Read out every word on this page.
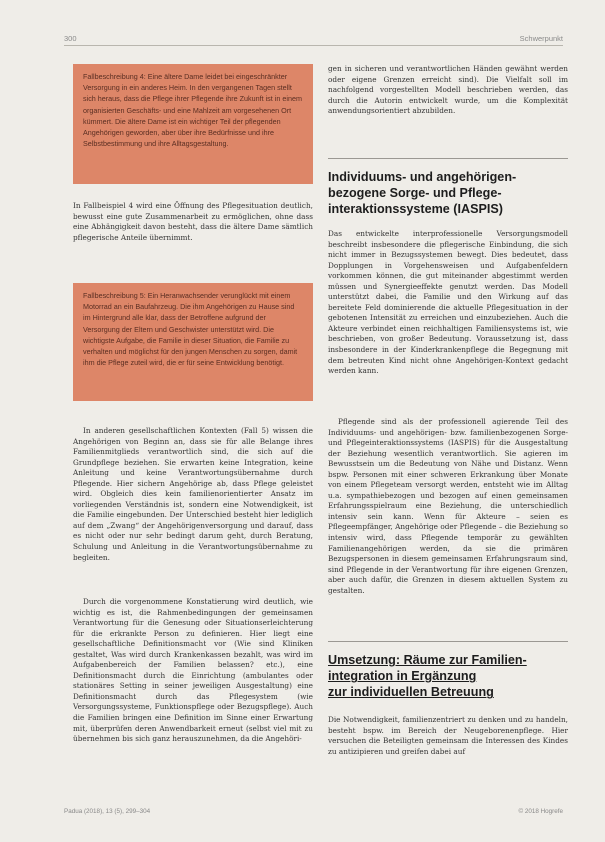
300	Schwerpunkt
Fallbeschreibung 4: Eine ältere Dame leidet bei eingeschränkter Versorgung in ein anderes Heim. In den vergangenen Tagen stellt sich heraus, dass die Pflege ihrer Pflegende ihre Zukunft ist in einem organisierten Geschäfts- und eine Mahlzeit am vorgesehenen Ort kümmert. Die ältere Dame ist ein wichtiger Teil der pflegenden Angehörigen geworden, aber über ihre Bedürfnisse und ihre Selbstbestimmung und ihre Alltagsgestaltung.
In Fallbeispiel 4 wird eine Öffnung des Pflegesituation deutlich, bewusst eine gute Zusammenarbeit zu ermöglichen, ohne dass eine Abhängigkeit davon besteht, dass die ältere Dame sämtlich pflegerische Anteile übernimmt.
Fallbeschreibung 5: Ein Heranwachsender verunglückt mit einem Motorrad an ein Baufahrzeug. Die ihm Angehörigen zu Hause sind im Hintergrund alle klar, dass der Betroffene aufgrund der Versorgung der Eltern und Geschwister unterstützt wird. Die wichtigste Aufgabe, die Familie in dieser Situation, die Familie zu verhalten und möglichst für den jungen Menschen zu sorgen, damit ihm die Pflege zuteil wird, die er für seine Entwicklung benötigt.
In anderen gesellschaftlichen Kontexten (Fall 5) wissen die Angehörigen von Beginn an, dass sie für alle Belange ihres Familienmitglieds verantwortlich sind, die sich auf die Grundpflege beziehen. Sie erwarten keine Integration, keine Anleitung und keine Verantwortungsübernahme durch Pflegende. Hier sichern Angehörige ab, dass Pflege geleistet wird. Obgleich dies kein familienorientierter Ansatz im vorliegenden Verständnis ist, sondern eine Notwendigkeit, ist die Familie eingebunden. Der Unterschied besteht hier lediglich auf dem „Zwang“ der Angehörigenversorgung und darauf, dass es nicht oder nur sehr bedingt darum geht, durch Beratung, Schulung und Anleitung in die Verantwortungsübernahme zu begleiten.
Durch die vorgenommene Konstatierung wird deutlich, wie wichtig es ist, die Rahmenbedingungen der gemeinsamen Verantwortung für die Genesung oder Situationserleichterung für die erkrankte Person zu definieren. Hier liegt eine gesellschaftliche Definitionsmacht vor (Wie sind Kliniken gestaltet, Was wird durch Krankenkassen bezahlt, was wird im Aufgabenbereich der Familien belassen? etc.), eine Definitionsmacht durch die Einrichtung (ambulantes oder stationäres Setting in seiner jeweiligen Ausgestaltung) eine Definitionsmacht durch das Pflegesystem (wie Versorgungssysteme, Funktionspflege oder Bezugspflege). Auch die Familien bringen eine Definition im Sinne einer Erwartung mit, überprüfen deren Anwendbarkeit erneut (selbst viel mit zu übernehmen bis sich ganz herauszunehmen, da die Angehöri-
gen in sicheren und verantwortlichen Händen gewähnt werden oder eigene Grenzen erreicht sind). Die Vielfalt soll im nachfolgend vorgestellten Modell beschrieben werden, das durch die Autorin entwickelt wurde, um die Komplexität anwendungsorientiert abzubilden.
Individuums- und angehörigen-
bezogene Sorge- und Pflege-
interaktionssysteme (IASPIS)
Das entwickelte interprofessionelle Versorgungsmodell beschreibt insbesondere die pflegerische Einbindung, die sich nicht immer in Bezugssystemen bewegt. Dies bedeutet, dass Dopplungen in Vorgehensweisen und Aufgabenfeldern vorkommen können, die gut miteinander abgestimmt werden müssen und Synergieeffekte genutzt werden. Das Modell unterstützt dabei, die Familie und den Wirkung auf das bereitete Feld dominierende die aktuelle Pflegesituation in der gebotenen Intensität zu erreichen und einzubeziehen. Auch die Akteure verbindet einen reichhaltigen Familiensystems ist, wie beschrieben, von großer Bedeutung. Voraussetzung ist, dass insbesondere in der Kinderkrankenpflege die Begegnung mit dem betreuten Kind nicht ohne Angehörigen-Kontext gedacht werden kann.
Pflegende sind als der professionell agierende Teil des Individuums- und angehörigen- bzw. familienbezogenen Sorge- und Pflegeinteraktionssystems (IASPIS) für die Ausgestaltung der Beziehung wesentlich verantwortlich. Sie agieren im Bewusstsein um die Bedeutung von Nähe und Distanz. Wenn bspw. Personen mit einer schweren Erkrankung über Monate von einem Pflegeteam versorgt werden, entsteht wie im Alltag u.a. sympathiebezogen und bezogen auf einen gemeinsamen Erfahrungsspielraum eine Beziehung, die unterschiedlich intensiv sein kann. Wenn für Akteure – seien es Pflegeempfänger, Angehörige oder Pflegende – die Beziehung so intensiv wird, dass Pflegende temporär zu gewählten Familienangehörigen werden, da sie die primären Bezugspersonen in diesem gemeinsamen Erfahrungsraum sind, sind Pflegende in der Verantwortung für ihre eigenen Grenzen, aber auch dafür, die Grenzen in diesem aktuellen System zu gestalten.
Umsetzung: Räume zur Familien-
integration in Ergänzung
zur individuellen Betreuung
Die Notwendigkeit, familienzentriert zu denken und zu handeln, besteht bspw. im Bereich der Neugeborenenpflege. Hier versuchen die Beteiligten gemeinsam die Interessen des Kindes zu antizipieren und greifen dabei auf
Padua (2018), 13 (5), 299–304	© 2018 Hogrefe
